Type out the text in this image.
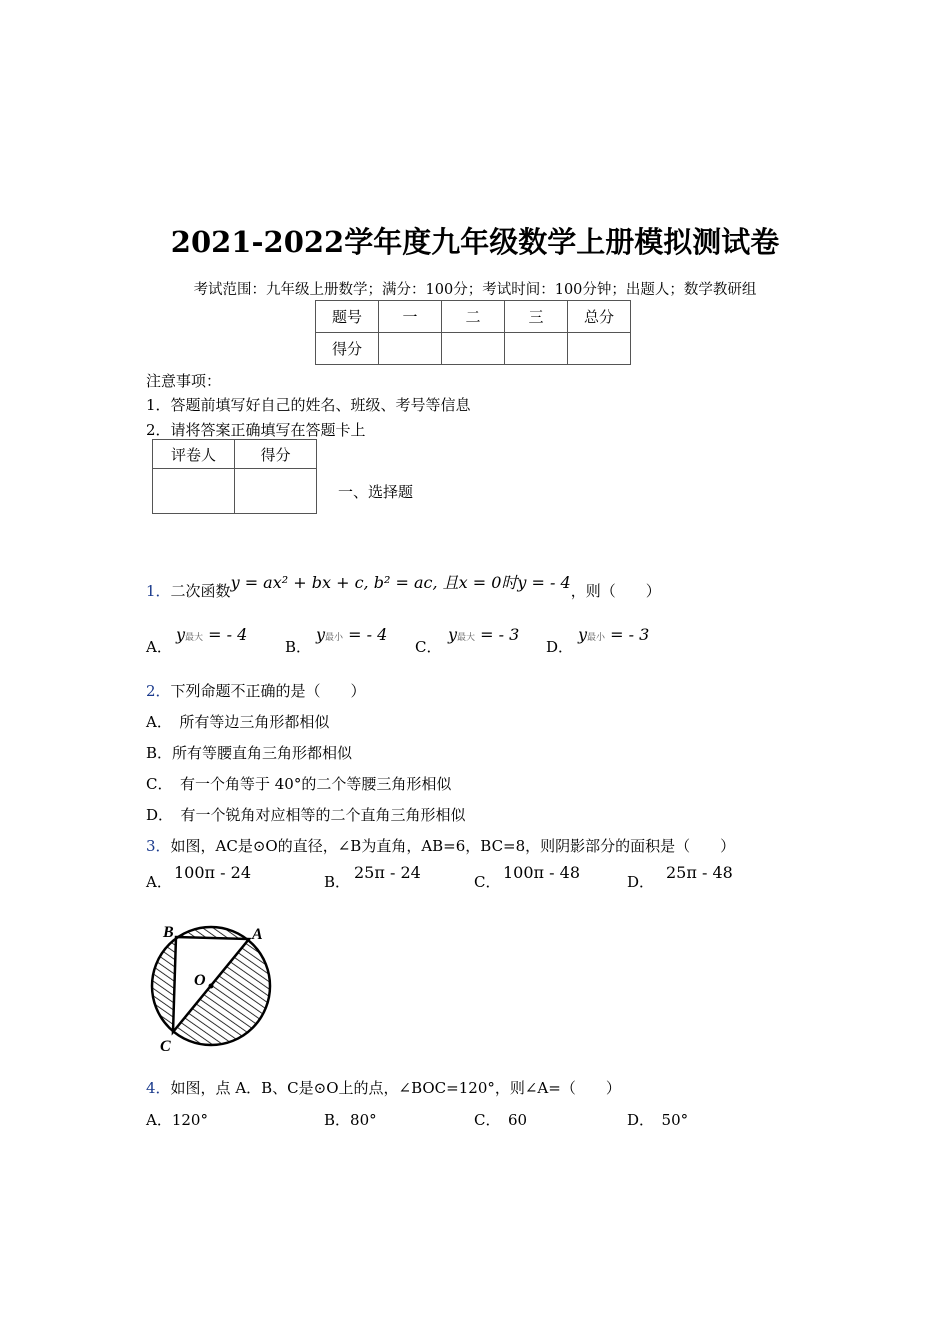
2021-2022学年度九年级数学上册模拟测试卷
考试范围：九年级上册数学；满分：100分；考试时间：100分钟；出题人；数学教研组
题号	一	二	三	总分
得分				
注意事项：
1．答题前填写好自己的姓名、班级、考号等信息
2．请将答案正确填写在答题卡上
评卷人	得分

一、选择题
1．二次函数y = ax² + bx + c, b² = ac, 且x = 0时y = - 4，则（　　）
A．
y最大 = - 4
B．
y最小 = - 4
C．
y最大 = - 3
D．
y最小 = - 3
2．下列命题不正确的是（　　）
A．　所有等边三角形都相似
B．所有等腰直角三角形都相似
C．　有一个角等于 40°的二个等腰三角形相似
D．　有一个锐角对应相等的二个直角三角形相似
3．如图，AC是⊙O的直径，∠B为直角，AB=6，BC=8，则阴影部分的面积是（　　）
A． 100π - 24	B． 25π - 24	C． 100π - 48	D． 25π - 48
B	A
C
O
4．如图，点 A．B、C是⊙O上的点，∠BOC=120°，则∠A=（　　）
A．120°	B．80°	C．　60	D．　50°
